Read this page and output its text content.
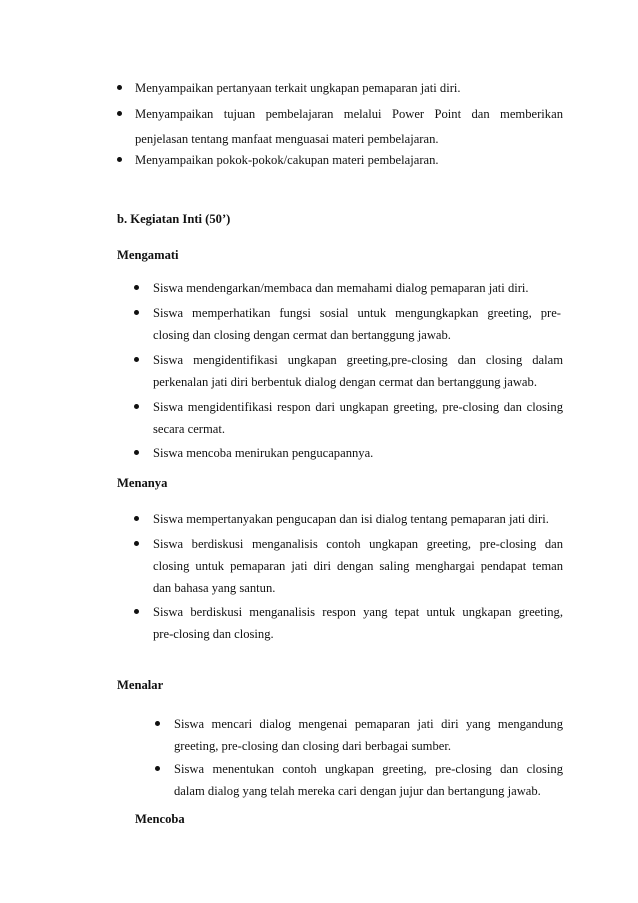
Menyampaikan pertanyaan terkait ungkapan pemaparan jati diri.
Menyampaikan tujuan pembelajaran melalui Power Point dan memberikan
penjelasan tentang manfaat menguasai materi pembelajaran.
Menyampaikan pokok-pokok/cakupan materi pembelajaran.
b. Kegiatan Inti (50’)
Mengamati
Siswa mendengarkan/membaca dan memahami dialog pemaparan jati diri.
Siswa memperhatikan fungsi sosial untuk mengungkapkan greeting, pre-
closing dan closing dengan cermat dan bertanggung jawab.
Siswa mengidentifikasi ungkapan greeting,pre-closing dan closing dalam
perkenalan jati diri berbentuk dialog dengan cermat dan bertanggung jawab.
Siswa mengidentifikasi respon dari ungkapan greeting, pre-closing dan closing
secara cermat.
Siswa mencoba menirukan pengucapannya.
Menanya
Siswa mempertanyakan pengucapan dan isi dialog tentang pemaparan jati diri.
Siswa berdiskusi menganalisis contoh ungkapan greeting, pre-closing dan
closing untuk pemaparan jati diri dengan saling menghargai pendapat teman
dan bahasa yang santun.
Siswa berdiskusi menganalisis respon yang tepat untuk ungkapan greeting,
pre-closing dan closing.
Menalar
Siswa mencari dialog mengenai pemaparan jati diri yang mengandung
greeting, pre-closing dan closing dari berbagai sumber.
Siswa menentukan contoh ungkapan greeting, pre-closing dan closing
dalam dialog yang telah mereka cari dengan jujur dan bertangung jawab.
Mencoba
